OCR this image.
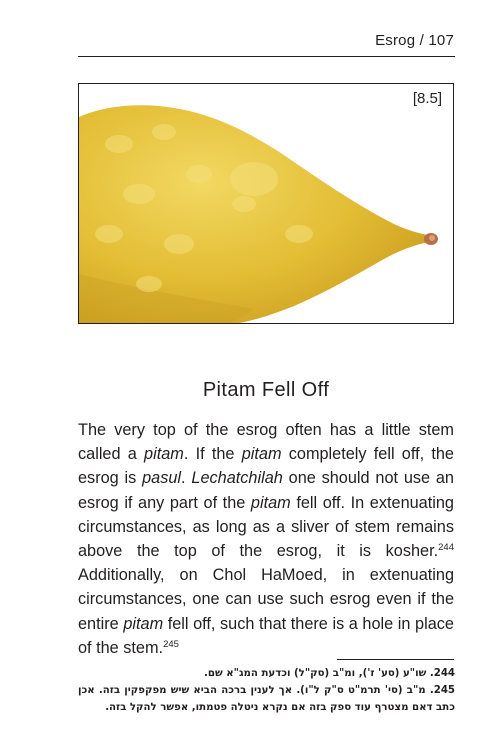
Esrog / 107
[8.5]
Pitam Fell Off

The very top of the esrog often has a little stem called a pitam. If the pitam completely fell off, the esrog is pasul. Lechatchilah one should not use an esrog if any part of the pitam fell off. In extenuating circumstances, as long as a sliver of stem remains above the top of the esrog, it is kosher.$^{244}$ Additionally, on Chol HaMoed, in extenuating circumstances, one can use such esrog even if the entire pitam fell off, such that there is a hole in place of the stem.$^{245}$

244. שו"ע (סע' ז'), ומ"ב (סק"ל) וכדעת המג"א שם.

245. מ"ב (סי' תרמ"ט ס"ק ל"ו). אך לענין ברכה הביא שיש מפקפקין בזה. אכן כתב דאם מצטרף עוד ספק בזה אם נקרא ניטלה פטמתו, אפשר להקל בזה.
